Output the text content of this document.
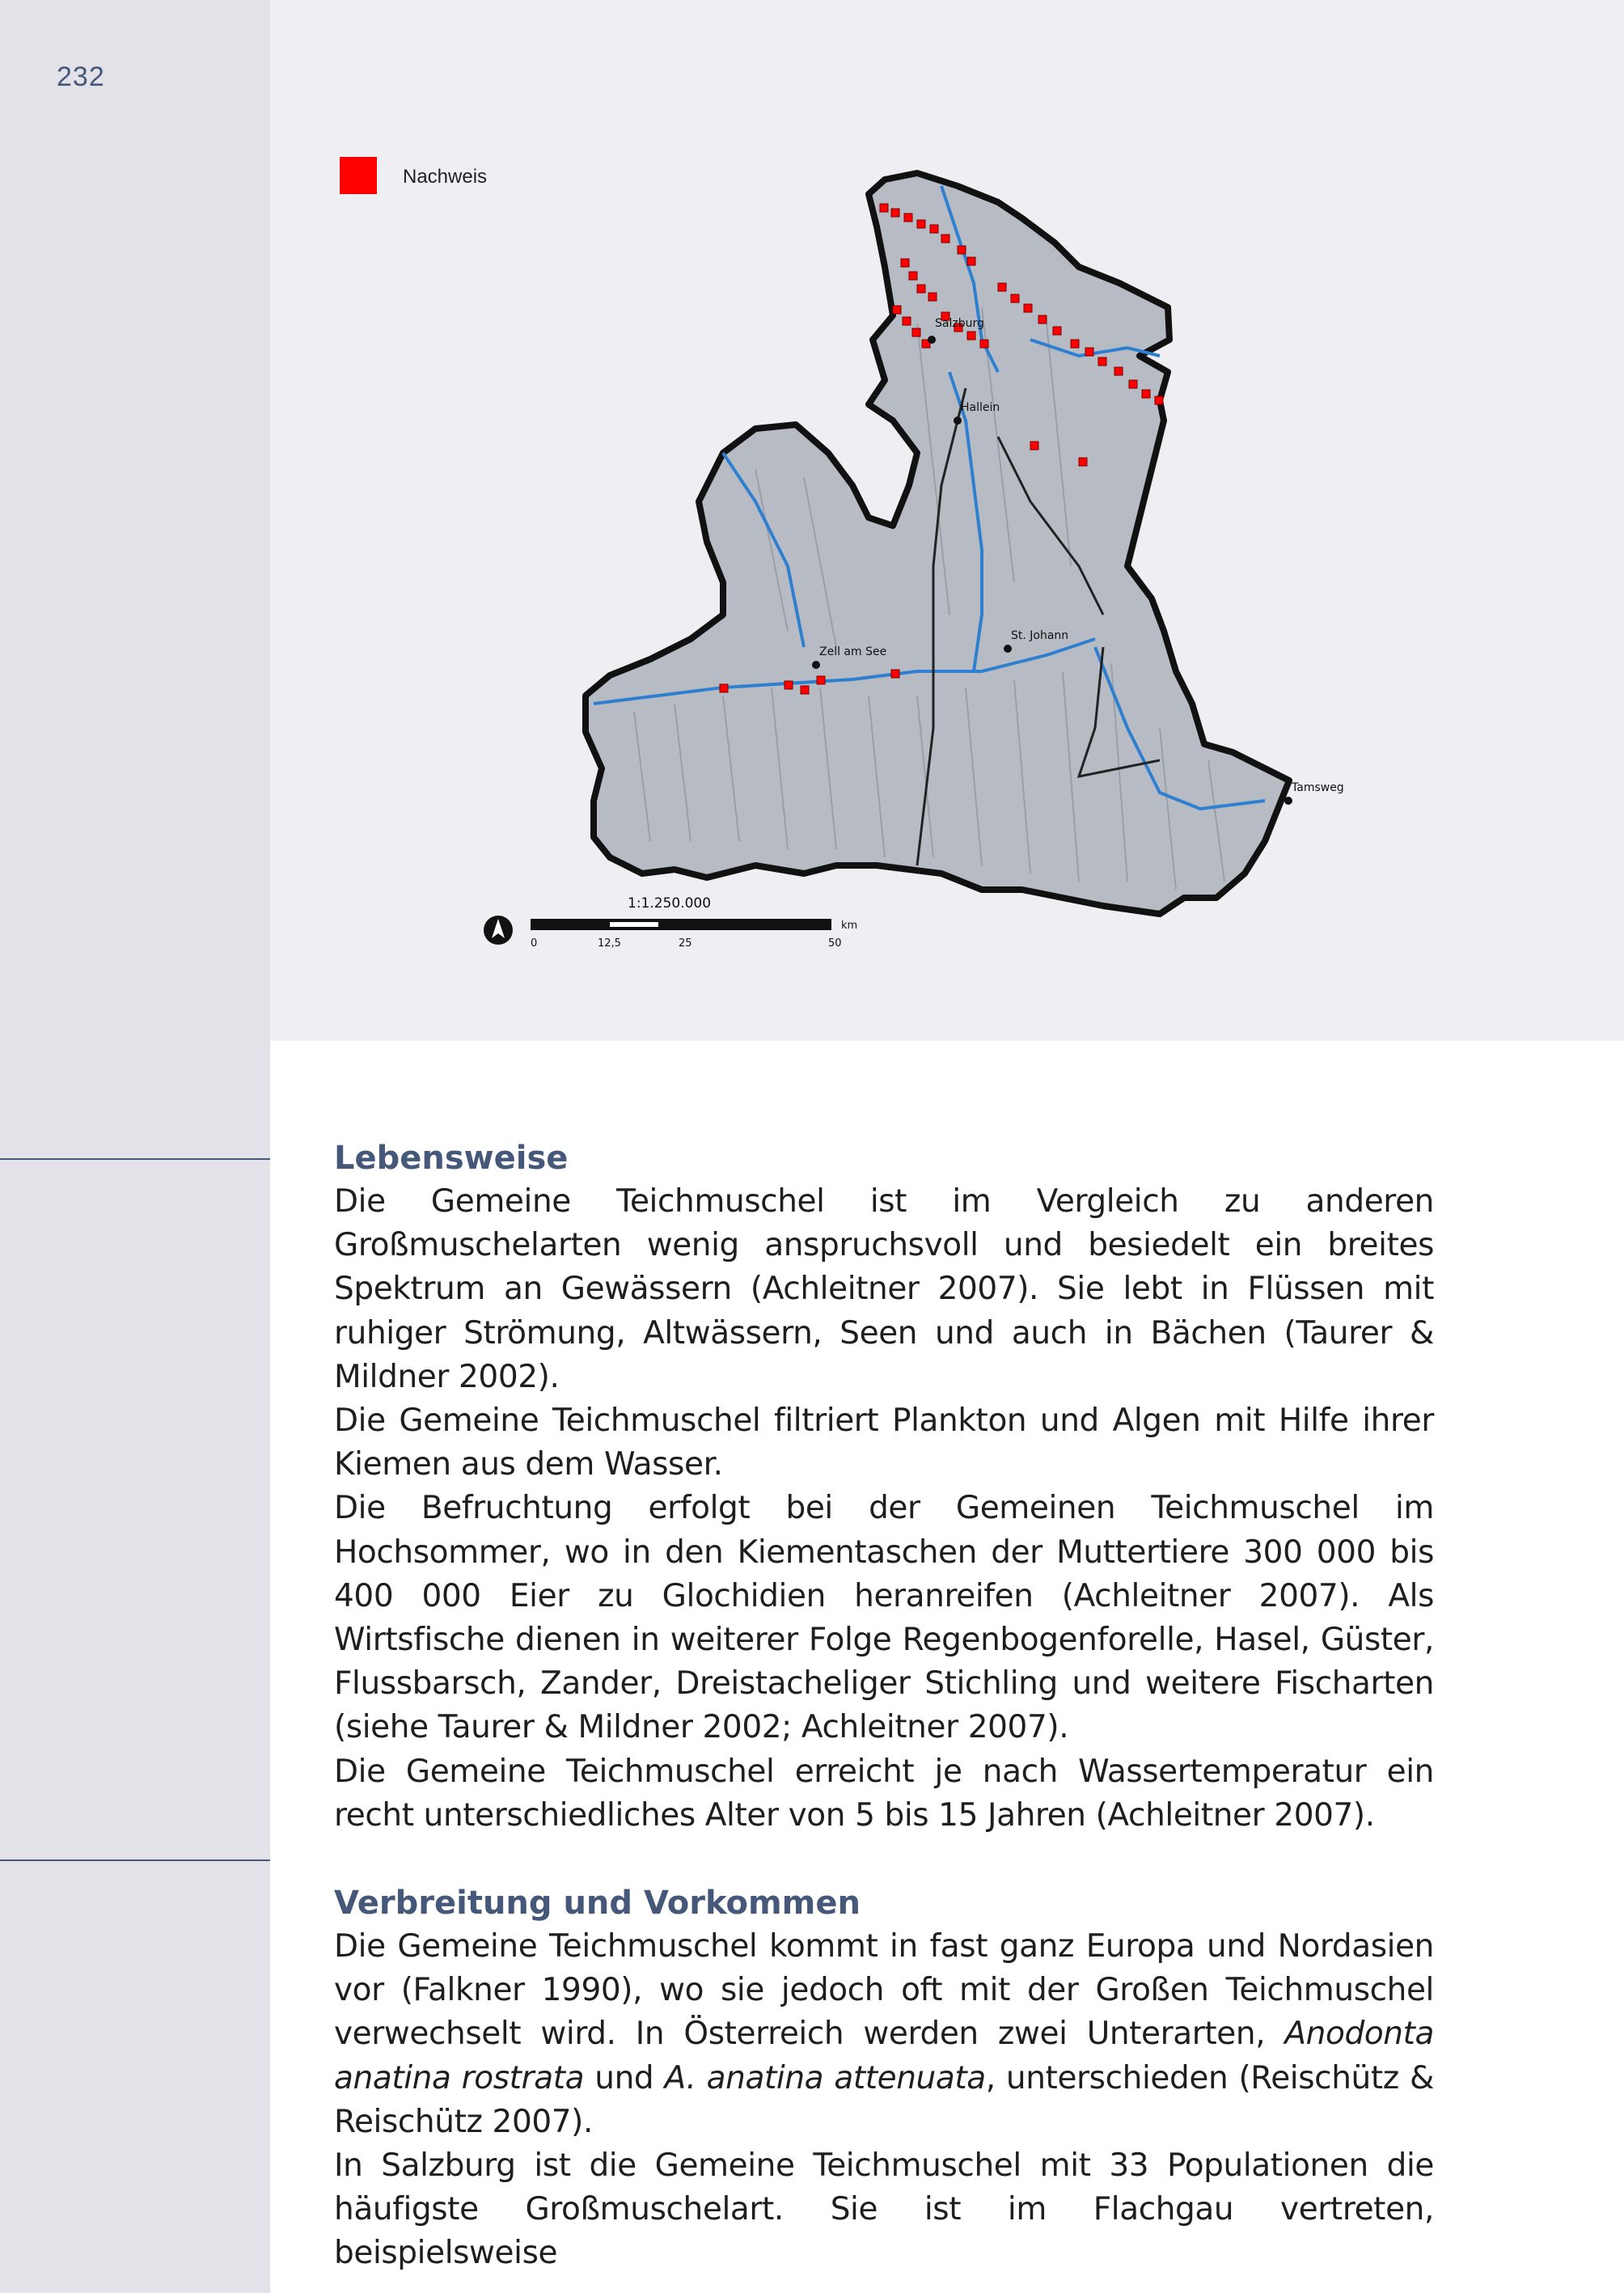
232
Nachweis
Salzburg
Hallein
St. Johann
Zell am See
Tamsweg
1:1.250.000
0	12,5	25	50
km
Lebensweise

Die Gemeine Teichmuschel ist im Vergleich zu anderen Großmuschelarten wenig anspruchsvoll und besiedelt ein breites Spektrum an Gewässern (Achleitner 2007). Sie lebt in Flüssen mit ruhiger Strömung, Altwässern, Seen und auch in Bächen (Taurer & Mildner 2002).

Die Gemeine Teichmuschel filtriert Plankton und Algen mit Hilfe ihrer Kiemen aus dem Wasser.

Die Befruchtung erfolgt bei der Gemeinen Teichmuschel im Hochsommer, wo in den Kiementaschen der Muttertiere 300 000 bis 400 000 Eier zu Glochidien heranreifen (Achleitner 2007). Als Wirtsfische dienen in weiterer Folge Regenbogenforelle, Hasel, Güster, Flussbarsch, Zander, Dreistacheliger Stichling und weitere Fischarten (siehe Taurer & Mildner 2002; Achleitner 2007).

Die Gemeine Teichmuschel erreicht je nach Wassertemperatur ein recht unterschiedliches Alter von 5 bis 15 Jahren (Achleitner 2007).

Verbreitung und Vorkommen

Die Gemeine Teichmuschel kommt in fast ganz Europa und Nordasien vor (Falkner 1990), wo sie jedoch oft mit der Großen Teichmuschel verwechselt wird. In Österreich werden zwei Unterarten, Anodonta anatina rostrata und A. anatina attenuata, unterschieden (Reischütz & Reischütz 2007).

In Salzburg ist die Gemeine Teichmuschel mit 33 Populationen die häufigste Großmuschelart. Sie ist im Flachgau vertreten, beispielsweise
